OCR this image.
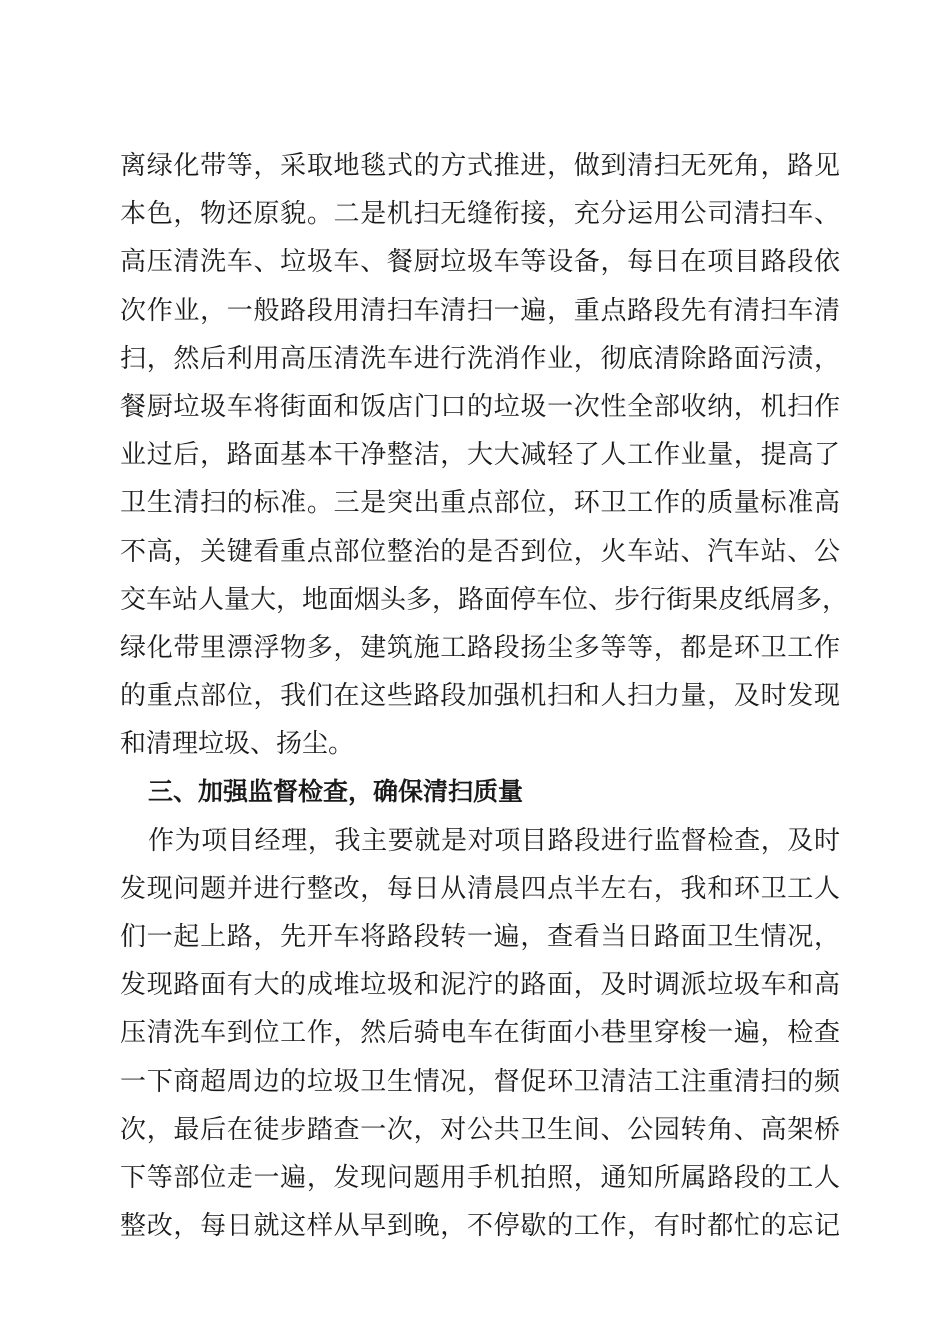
离绿化带等，采取地毯式的方式推进，做到清扫无死角，路见
本色，物还原貌。二是机扫无缝衔接，充分运用公司清扫车、
高压清洗车、垃圾车、餐厨垃圾车等设备，每日在项目路段依
次作业，一般路段用清扫车清扫一遍，重点路段先有清扫车清
扫，然后利用高压清洗车进行洗消作业，彻底清除路面污渍，
餐厨垃圾车将街面和饭店门口的垃圾一次性全部收纳，机扫作
业过后，路面基本干净整洁，大大减轻了人工作业量，提高了
卫生清扫的标准。三是突出重点部位，环卫工作的质量标准高
不高，关键看重点部位整治的是否到位，火车站、汽车站、公
交车站人量大，地面烟头多，路面停车位、步行街果皮纸屑多，
绿化带里漂浮物多，建筑施工路段扬尘多等等，都是环卫工作
的重点部位，我们在这些路段加强机扫和人扫力量，及时发现
和清理垃圾、扬尘。
三、加强监督检查，确保清扫质量
作为项目经理，我主要就是对项目路段进行监督检查，及时
发现问题并进行整改，每日从清晨四点半左右，我和环卫工人
们一起上路，先开车将路段转一遍，查看当日路面卫生情况，
发现路面有大的成堆垃圾和泥泞的路面，及时调派垃圾车和高
压清洗车到位工作，然后骑电车在街面小巷里穿梭一遍，检查
一下商超周边的垃圾卫生情况，督促环卫清洁工注重清扫的频
次，最后在徒步踏查一次，对公共卫生间、公园转角、高架桥
下等部位走一遍，发现问题用手机拍照，通知所属路段的工人
整改，每日就这样从早到晚，不停歇的工作，有时都忙的忘记
